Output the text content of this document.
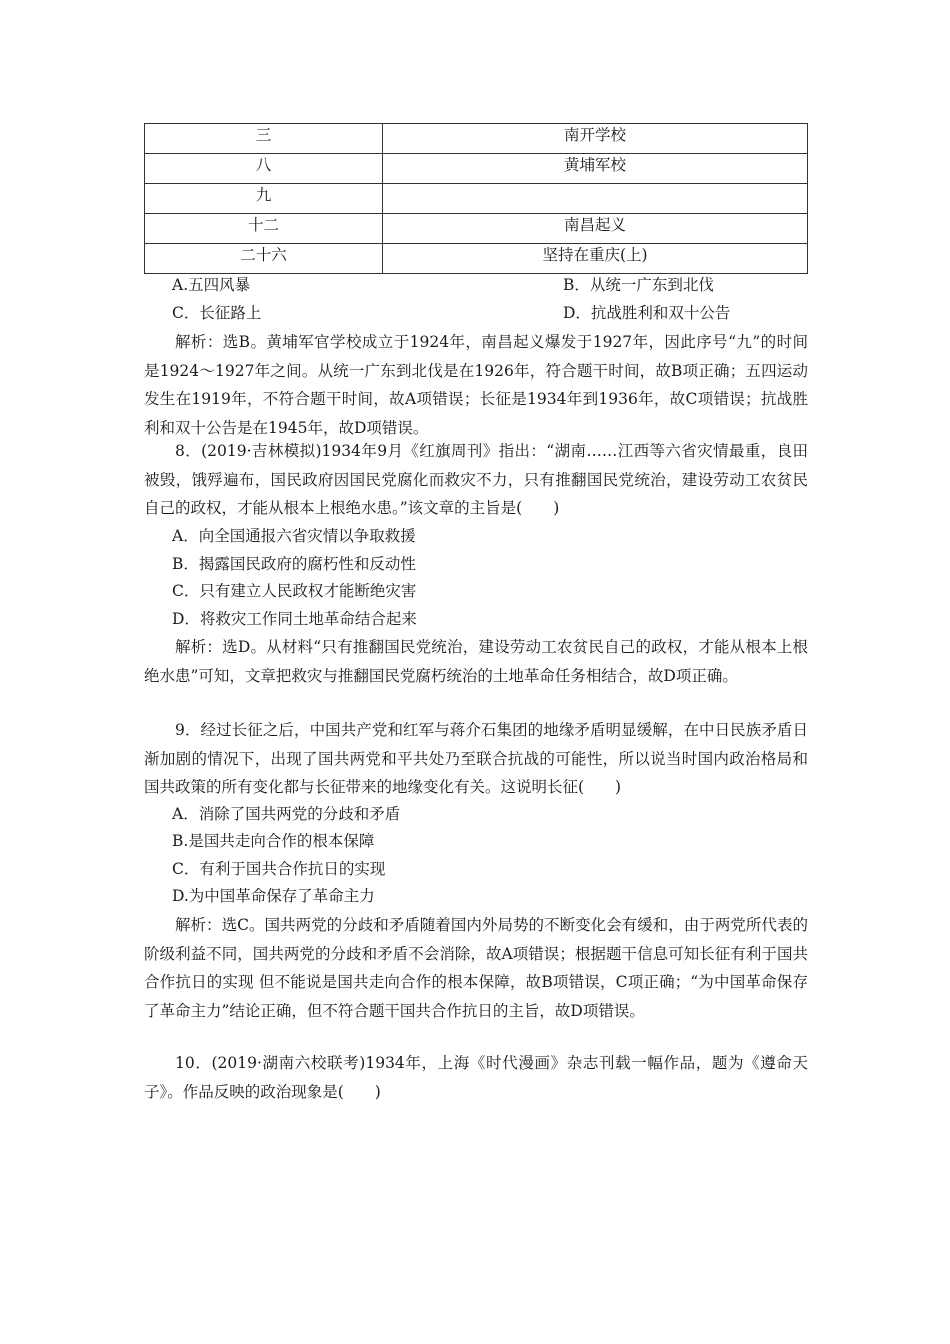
三	南开学校
八	黄埔军校
九	
十二	南昌起义
二十六	坚持在重庆(上)
A.五四风暴	B．从统一广东到北伐
C．长征路上	D．抗战胜利和双十公告
解析：选B。黄埔军官学校成立于1924年，南昌起义爆发于1927年，因此序号“九”的时间是1924～1927年之间。从统一广东到北伐是在1926年，符合题干时间，故B项正确；五四运动发生在1919年，不符合题干时间，故A项错误；长征是1934年到1936年，故C项错误；抗战胜利和双十公告是在1945年，故D项错误。
8．(2019·吉林模拟)1934年9月《红旗周刊》指出：“湖南……江西等六省灾情最重，良田被毁，饿殍遍布，国民政府因国民党腐化而救灾不力，只有推翻国民党统治，建设劳动工农贫民自己的政权，才能从根本上根绝水患。”该文章的主旨是(　　)
A．向全国通报六省灾情以争取救援
B．揭露国民政府的腐朽性和反动性
C．只有建立人民政权才能断绝灾害
D．将救灾工作同土地革命结合起来
解析：选D。从材料“只有推翻国民党统治，建设劳动工农贫民自己的政权，才能从根本上根绝水患”可知，文章把救灾与推翻国民党腐朽统治的土地革命任务相结合，故D项正确。
9．经过长征之后，中国共产党和红军与蒋介石集团的地缘矛盾明显缓解，在中日民族矛盾日渐加剧的情况下，出现了国共两党和平共处乃至联合抗战的可能性，所以说当时国内政治格局和国共政策的所有变化都与长征带来的地缘变化有关。这说明长征(　　)
A．消除了国共两党的分歧和矛盾
B.是国共走向合作的根本保障
C．有利于国共合作抗日的实现
D.为中国革命保存了革命主力
解析：选C。国共两党的分歧和矛盾随着国内外局势的不断变化会有缓和，由于两党所代表的阶级利益不同，国共两党的分歧和矛盾不会消除，故A项错误；根据题干信息可知长征有利于国共合作抗日的实现 但不能说是国共走向合作的根本保障，故B项错误，C项正确；“为中国革命保存了革命主力”结论正确，但不符合题干国共合作抗日的主旨，故D项错误。
10．(2019·湖南六校联考)1934年，上海《时代漫画》杂志刊载一幅作品，题为《遵命天子》。作品反映的政治现象是(　　)
